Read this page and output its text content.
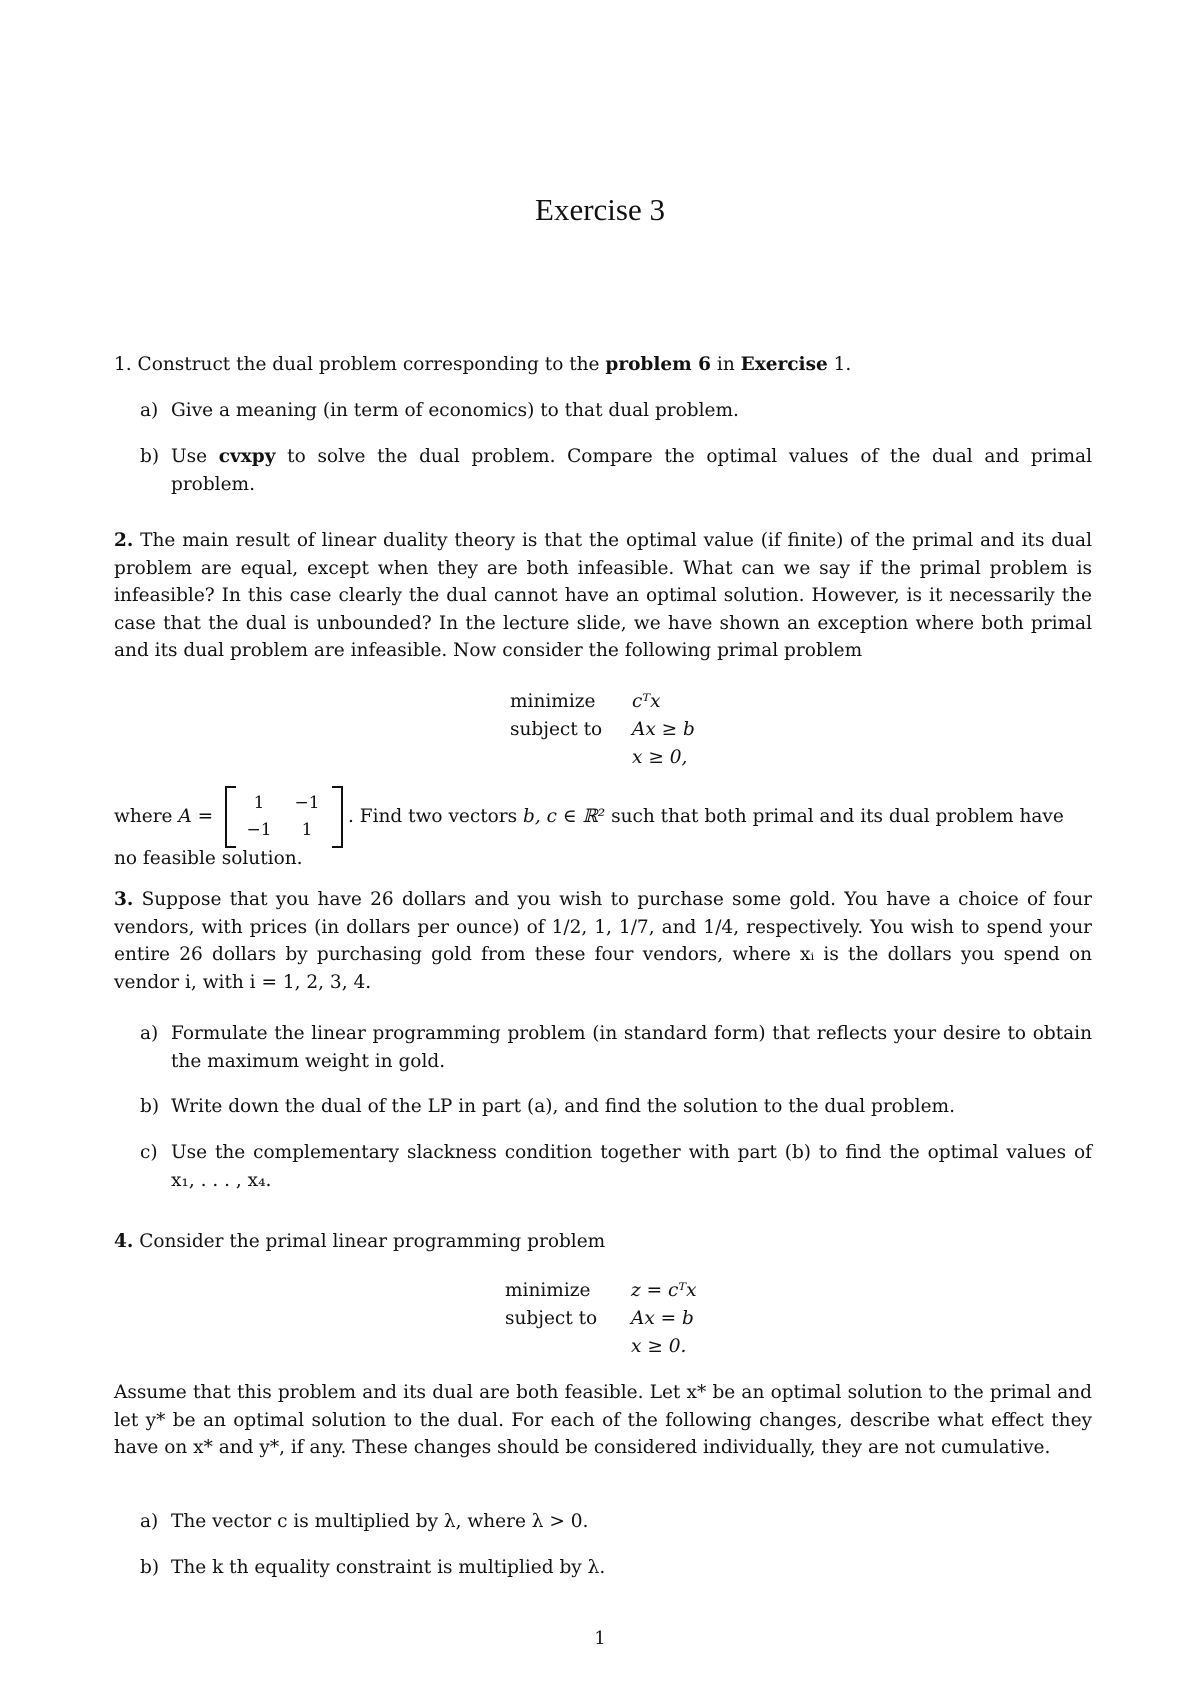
Exercise 3
1. Construct the dual problem corresponding to the problem 6 in Exercise 1.
a) Give a meaning (in term of economics) to that dual problem.
b) Use cvxpy to solve the dual problem. Compare the optimal values of the dual and primal problem.
2. The main result of linear duality theory is that the optimal value (if finite) of the primal and its dual problem are equal, except when they are both infeasible. What can we say if the primal problem is infeasible? In this case clearly the dual cannot have an optimal solution. However, is it necessarily the case that the dual is unbounded? In the lecture slide, we have shown an exception where both primal and its dual problem are infeasible. Now consider the following primal problem
minimize cᵀx
subject to Ax ≥ b
x ≥ 0,
where A =
1	−1
−1	1
. Find two vectors b, c ∈ ℝ² such that both primal and its dual problem have
no feasible solution.
3. Suppose that you have 26 dollars and you wish to purchase some gold. You have a choice of four vendors, with prices (in dollars per ounce) of 1/2, 1, 1/7, and 1/4, respectively. You wish to spend your entire 26 dollars by purchasing gold from these four vendors, where xᵢ is the dollars you spend on vendor i, with i = 1, 2, 3, 4.
a) Formulate the linear programming problem (in standard form) that reflects your desire to obtain the maximum weight in gold.
b) Write down the dual of the LP in part (a), and find the solution to the dual problem.
c) Use the complementary slackness condition together with part (b) to find the optimal values of x₁, . . . , x₄.
4. Consider the primal linear programming problem
minimize z = cᵀx
subject to Ax = b
x ≥ 0.
Assume that this problem and its dual are both feasible. Let x* be an optimal solution to the primal and let y* be an optimal solution to the dual. For each of the following changes, describe what effect they have on x* and y*, if any. These changes should be considered individually, they are not cumulative.
a) The vector c is multiplied by λ, where λ > 0.
b) The k th equality constraint is multiplied by λ.
1
